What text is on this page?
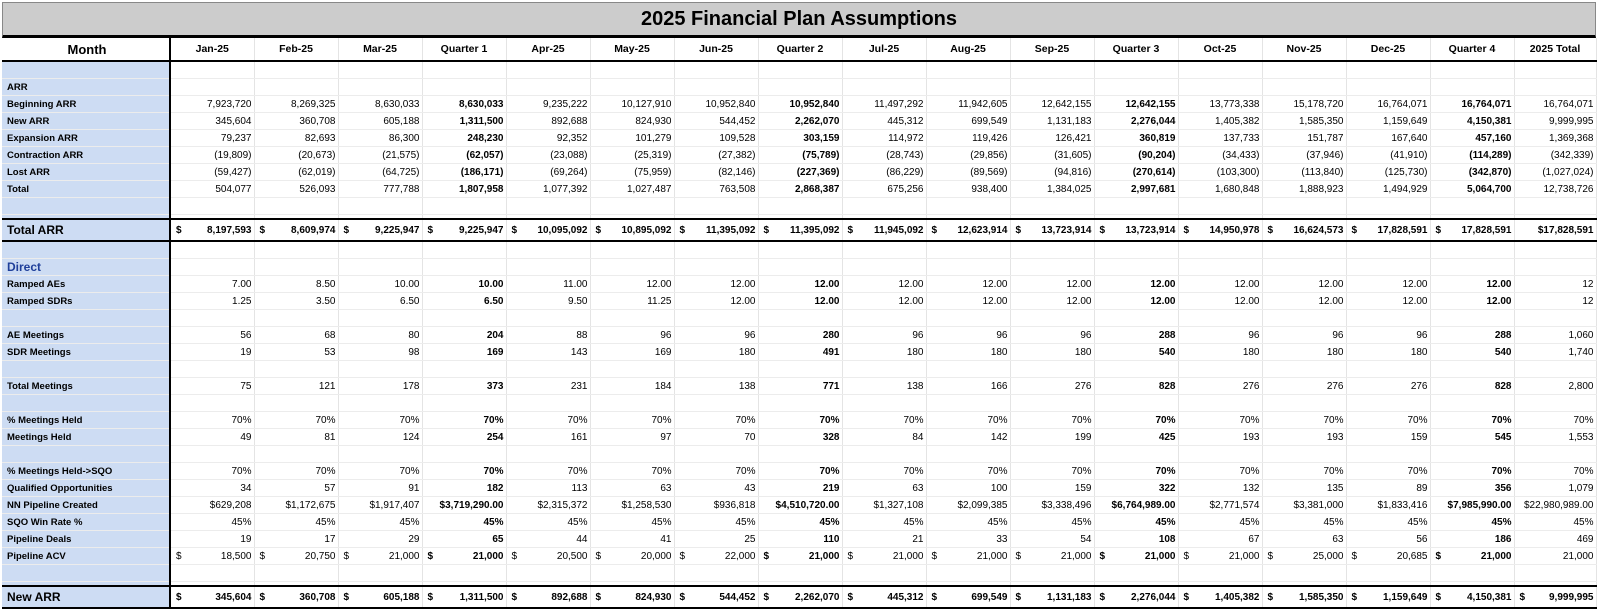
2025 Financial Plan Assumptions
Month	Jan-25	Feb-25	Mar-25	Quarter 1	Apr-25	May-25	Jun-25	Quarter 2	Jul-25	Aug-25	Sep-25	Quarter 3	Oct-25	Nov-25	Dec-25	Quarter 4	2025 Total

ARR																	
Beginning ARR	7,923,720	8,269,325	8,630,033	8,630,033	9,235,222	10,127,910	10,952,840	10,952,840	11,497,292	11,942,605	12,642,155	12,642,155	13,773,338	15,178,720	16,764,071	16,764,071	16,764,071
New ARR	345,604	360,708	605,188	1,311,500	892,688	824,930	544,452	2,262,070	445,312	699,549	1,131,183	2,276,044	1,405,382	1,585,350	1,159,649	4,150,381	9,999,995
Expansion ARR	79,237	82,693	86,300	248,230	92,352	101,279	109,528	303,159	114,972	119,426	126,421	360,819	137,733	151,787	167,640	457,160	1,369,368
Contraction ARR	(19,809)	(20,673)	(21,575)	(62,057)	(23,088)	(25,319)	(27,382)	(75,789)	(28,743)	(29,856)	(31,605)	(90,204)	(34,433)	(37,946)	(41,910)	(114,289)	(342,339)
Lost ARR	(59,427)	(62,019)	(64,725)	(186,171)	(69,264)	(75,959)	(82,146)	(227,369)	(86,229)	(89,569)	(94,816)	(270,614)	(103,300)	(113,840)	(125,730)	(342,870)	(1,027,024)
Total	504,077	526,093	777,788	1,807,958	1,077,392	1,027,487	763,508	2,868,387	675,256	938,400	1,384,025	2,997,681	1,680,848	1,888,923	1,494,929	5,064,700	12,738,726

Total ARR	$ 8,197,593	$ 8,609,974	$ 9,225,947	$ 9,225,947	$ 10,095,092	$ 10,895,092	$ 11,395,092	$ 11,395,092	$ 11,945,092	$ 12,623,914	$ 13,723,914	$ 13,723,914	$ 14,950,978	$ 16,624,573	$ 17,828,591	$ 17,828,591	$17,828,591

Direct																	
Ramped AEs	7.00	8.50	10.00	10.00	11.00	12.00	12.00	12.00	12.00	12.00	12.00	12.00	12.00	12.00	12.00	12.00	12
Ramped SDRs	1.25	3.50	6.50	6.50	9.50	11.25	12.00	12.00	12.00	12.00	12.00	12.00	12.00	12.00	12.00	12.00	12

AE Meetings	56	68	80	204	88	96	96	280	96	96	96	288	96	96	96	288	1,060
SDR Meetings	19	53	98	169	143	169	180	491	180	180	180	540	180	180	180	540	1,740

Total Meetings	75	121	178	373	231	184	138	771	138	166	276	828	276	276	276	828	2,800

% Meetings Held	70%	70%	70%	70%	70%	70%	70%	70%	70%	70%	70%	70%	70%	70%	70%	70%	70%
Meetings Held	49	81	124	254	161	97	70	328	84	142	199	425	193	193	159	545	1,553

% Meetings Held->SQO	70%	70%	70%	70%	70%	70%	70%	70%	70%	70%	70%	70%	70%	70%	70%	70%	70%
Qualified Opportunities	34	57	91	182	113	63	43	219	63	100	159	322	132	135	89	356	1,079
NN Pipeline Created	$629,208	$1,172,675	$1,917,407	$3,719,290.00	$2,315,372	$1,258,530	$936,818	$4,510,720.00	$1,327,108	$2,099,385	$3,338,496	$6,764,989.00	$2,771,574	$3,381,000	$1,833,416	$7,985,990.00	$22,980,989.00
SQO Win Rate %	45%	45%	45%	45%	45%	45%	45%	45%	45%	45%	45%	45%	45%	45%	45%	45%	45%
Pipeline Deals	19	17	29	65	44	41	25	110	21	33	54	108	67	63	56	186	469
Pipeline ACV	$ 18,500	$ 20,750	$ 21,000	$ 21,000	$ 20,500	$ 20,000	$ 22,000	$ 21,000	$ 21,000	$ 21,000	$ 21,000	$ 21,000	$ 21,000	$ 25,000	$ 20,685	$ 21,000	21,000

New ARR	$ 345,604	$ 360,708	$ 605,188	$ 1,311,500	$ 892,688	$ 824,930	$ 544,452	$ 2,262,070	$ 445,312	$ 699,549	$ 1,131,183	$ 2,276,044	$ 1,405,382	$ 1,585,350	$ 1,159,649	$ 4,150,381	$ 9,999,995
